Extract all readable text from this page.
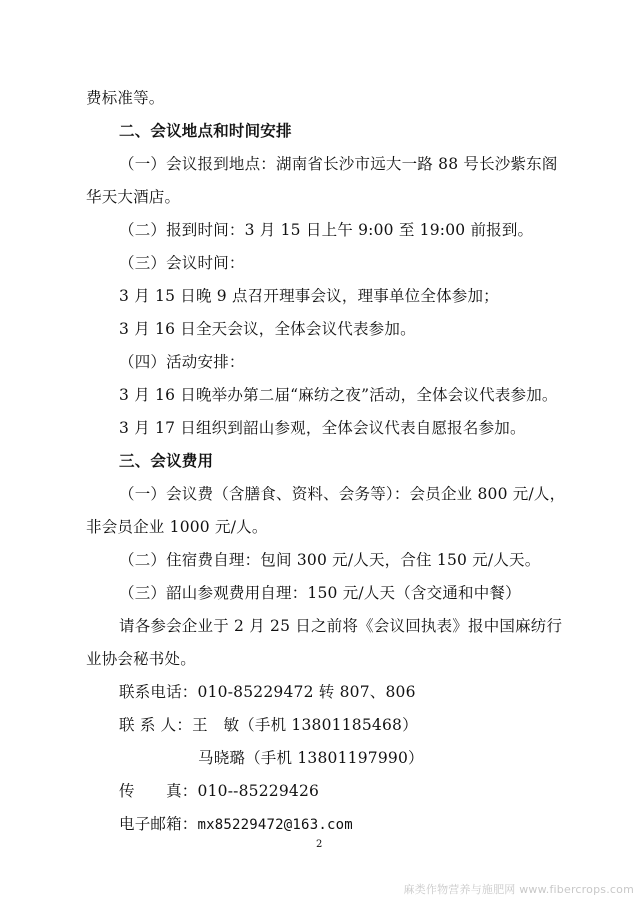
费标准等。
二、会议地点和时间安排
（一）会议报到地点：湖南省长沙市远大一路 88 号长沙紫东阁
华天大酒店。
（二）报到时间：3 月 15 日上午 9:00 至 19:00 前报到。
（三）会议时间：
3 月 15 日晚 9 点召开理事会议，理事单位全体参加；
3 月 16 日全天会议，全体会议代表参加。
（四）活动安排：
3 月 16 日晚举办第二届“麻纺之夜”活动，全体会议代表参加。
3 月 17 日组织到韶山参观，全体会议代表自愿报名参加。
三、会议费用
（一）会议费（含膳食、资料、会务等）：会员企业 800 元/人，
非会员企业 1000 元/人。
（二）住宿费自理：包间 300 元/人天，合住 150 元/人天。
（三）韶山参观费用自理：150 元/人天（含交通和中餐）
请各参会企业于 2 月 25 日之前将《会议回执表》报中国麻纺行
业协会秘书处。
联系电话：010-85229472 转 807、806
联 系 人：王　敏（手机 13801185468）
马晓璐（手机 13801197990）
传　　真：010--85229426
电子邮箱：mx85229472@163.com
2
麻类作物营养与施肥网 www.fibercrops.com
